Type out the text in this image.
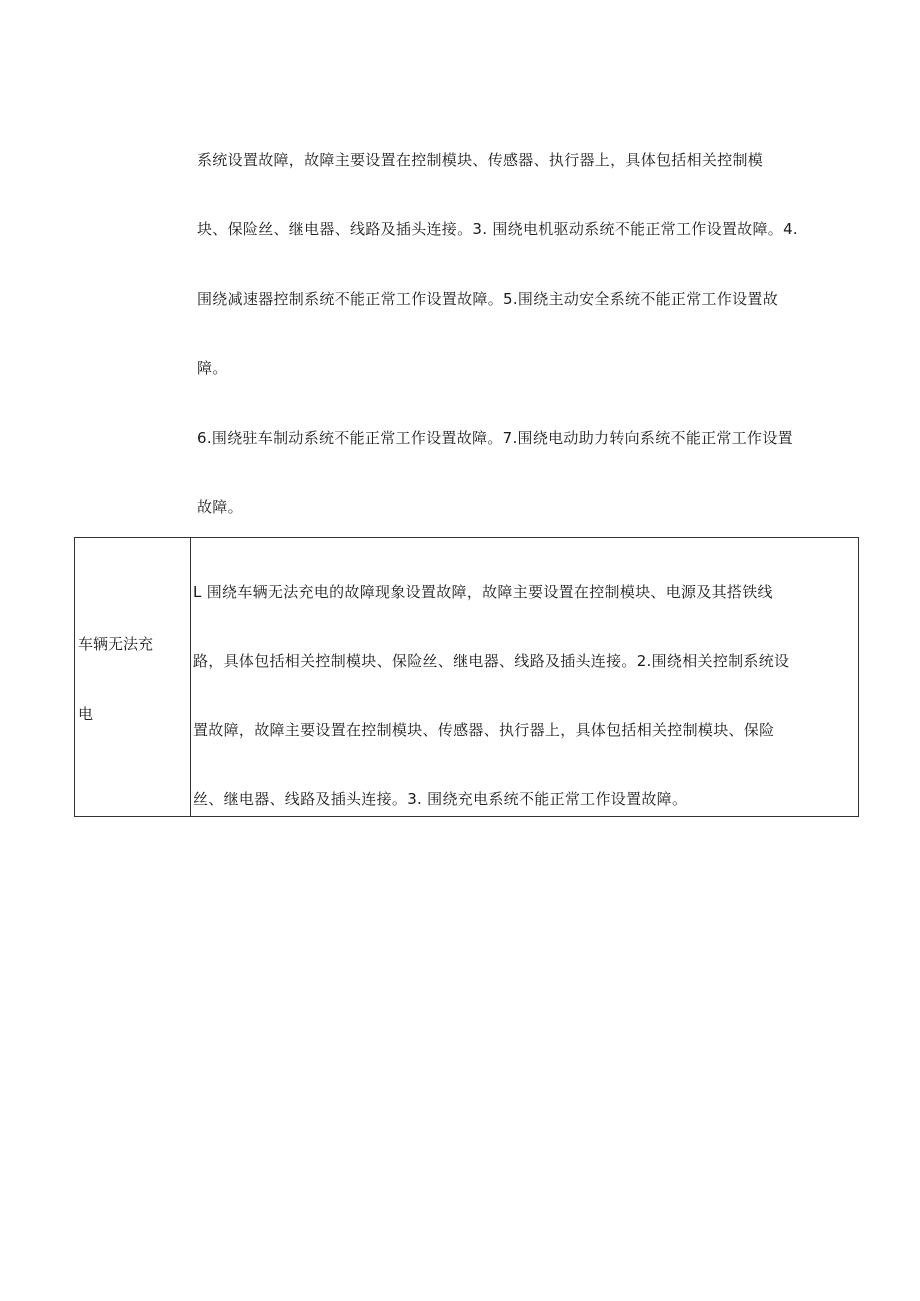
系统设置故障，故障主要设置在控制模块、传感器、执行器上，具体包括相关控制模
块、保险丝、继电器、线路及插头连接。3. 围绕电机驱动系统不能正常工作设置故障。4.
围绕减速器控制系统不能正常工作设置故障。5.围绕主动安全系统不能正常工作设置故
障。
6.围绕驻车制动系统不能正常工作设置故障。7.围绕电动助力转向系统不能正常工作设置
故障。
车辆无法充
电
L 围绕车辆无法充电的故障现象设置故障，故障主要设置在控制模块、电源及其搭铁线
路，具体包括相关控制模块、保险丝、继电器、线路及插头连接。2.围绕相关控制系统设
置故障，故障主要设置在控制模块、传感器、执行器上，具体包括相关控制模块、保险
丝、继电器、线路及插头连接。3. 围绕充电系统不能正常工作设置故障。
